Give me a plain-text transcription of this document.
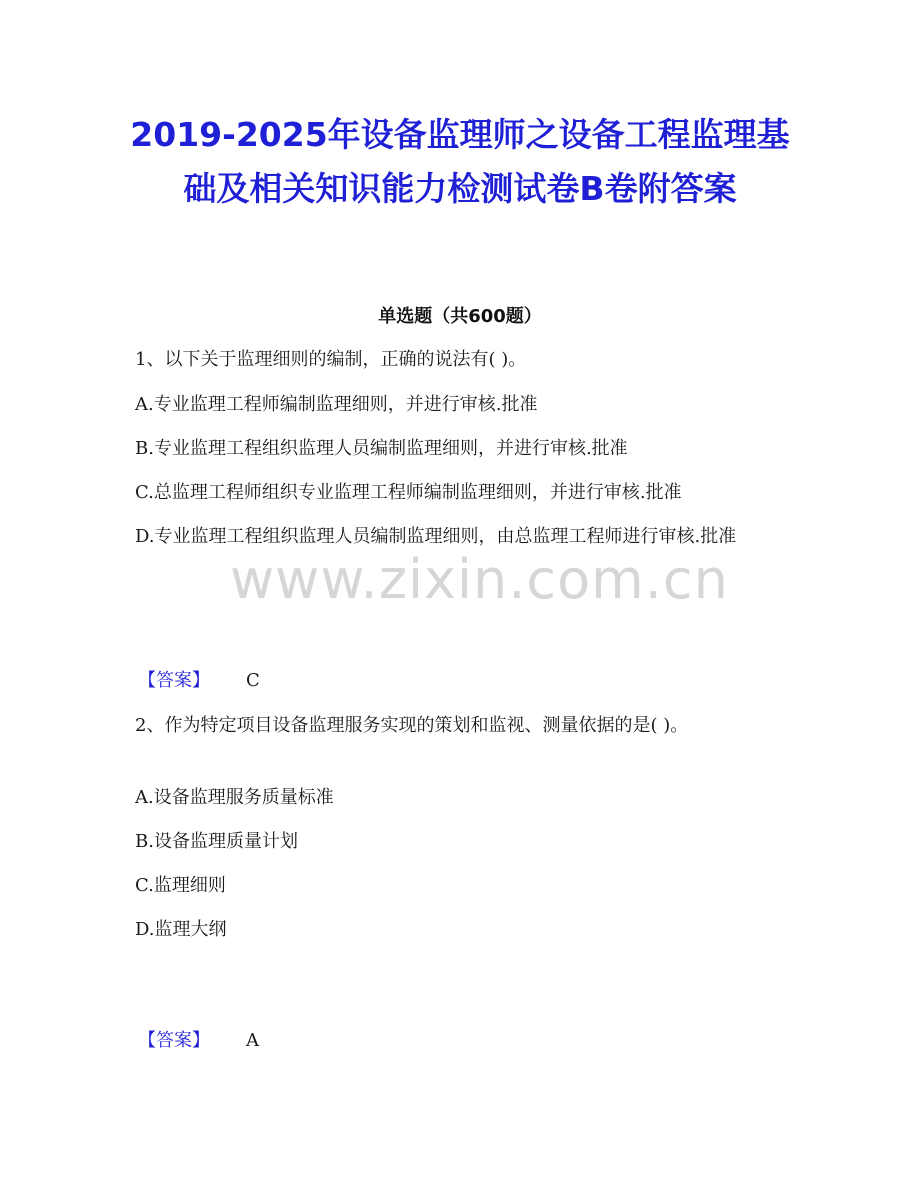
2019-2025年设备监理师之设备工程监理基础及相关知识能力检测试卷B卷附答案
单选题（共600题）
1、以下关于监理细则的编制，正确的说法有( )。
A.专业监理工程师编制监理细则，并进行审核.批准
B.专业监理工程组织监理人员编制监理细则，并进行审核.批准
C.总监理工程师组织专业监理工程师编制监理细则，并进行审核.批准
D.专业监理工程组织监理人员编制监理细则，由总监理工程师进行审核.批准
【答案】 C
2、作为特定项目设备监理服务实现的策划和监视、测量依据的是( )。
A.设备监理服务质量标准
B.设备监理质量计划
C.监理细则
D.监理大纲
【答案】 A
www.zixin.com.cn
